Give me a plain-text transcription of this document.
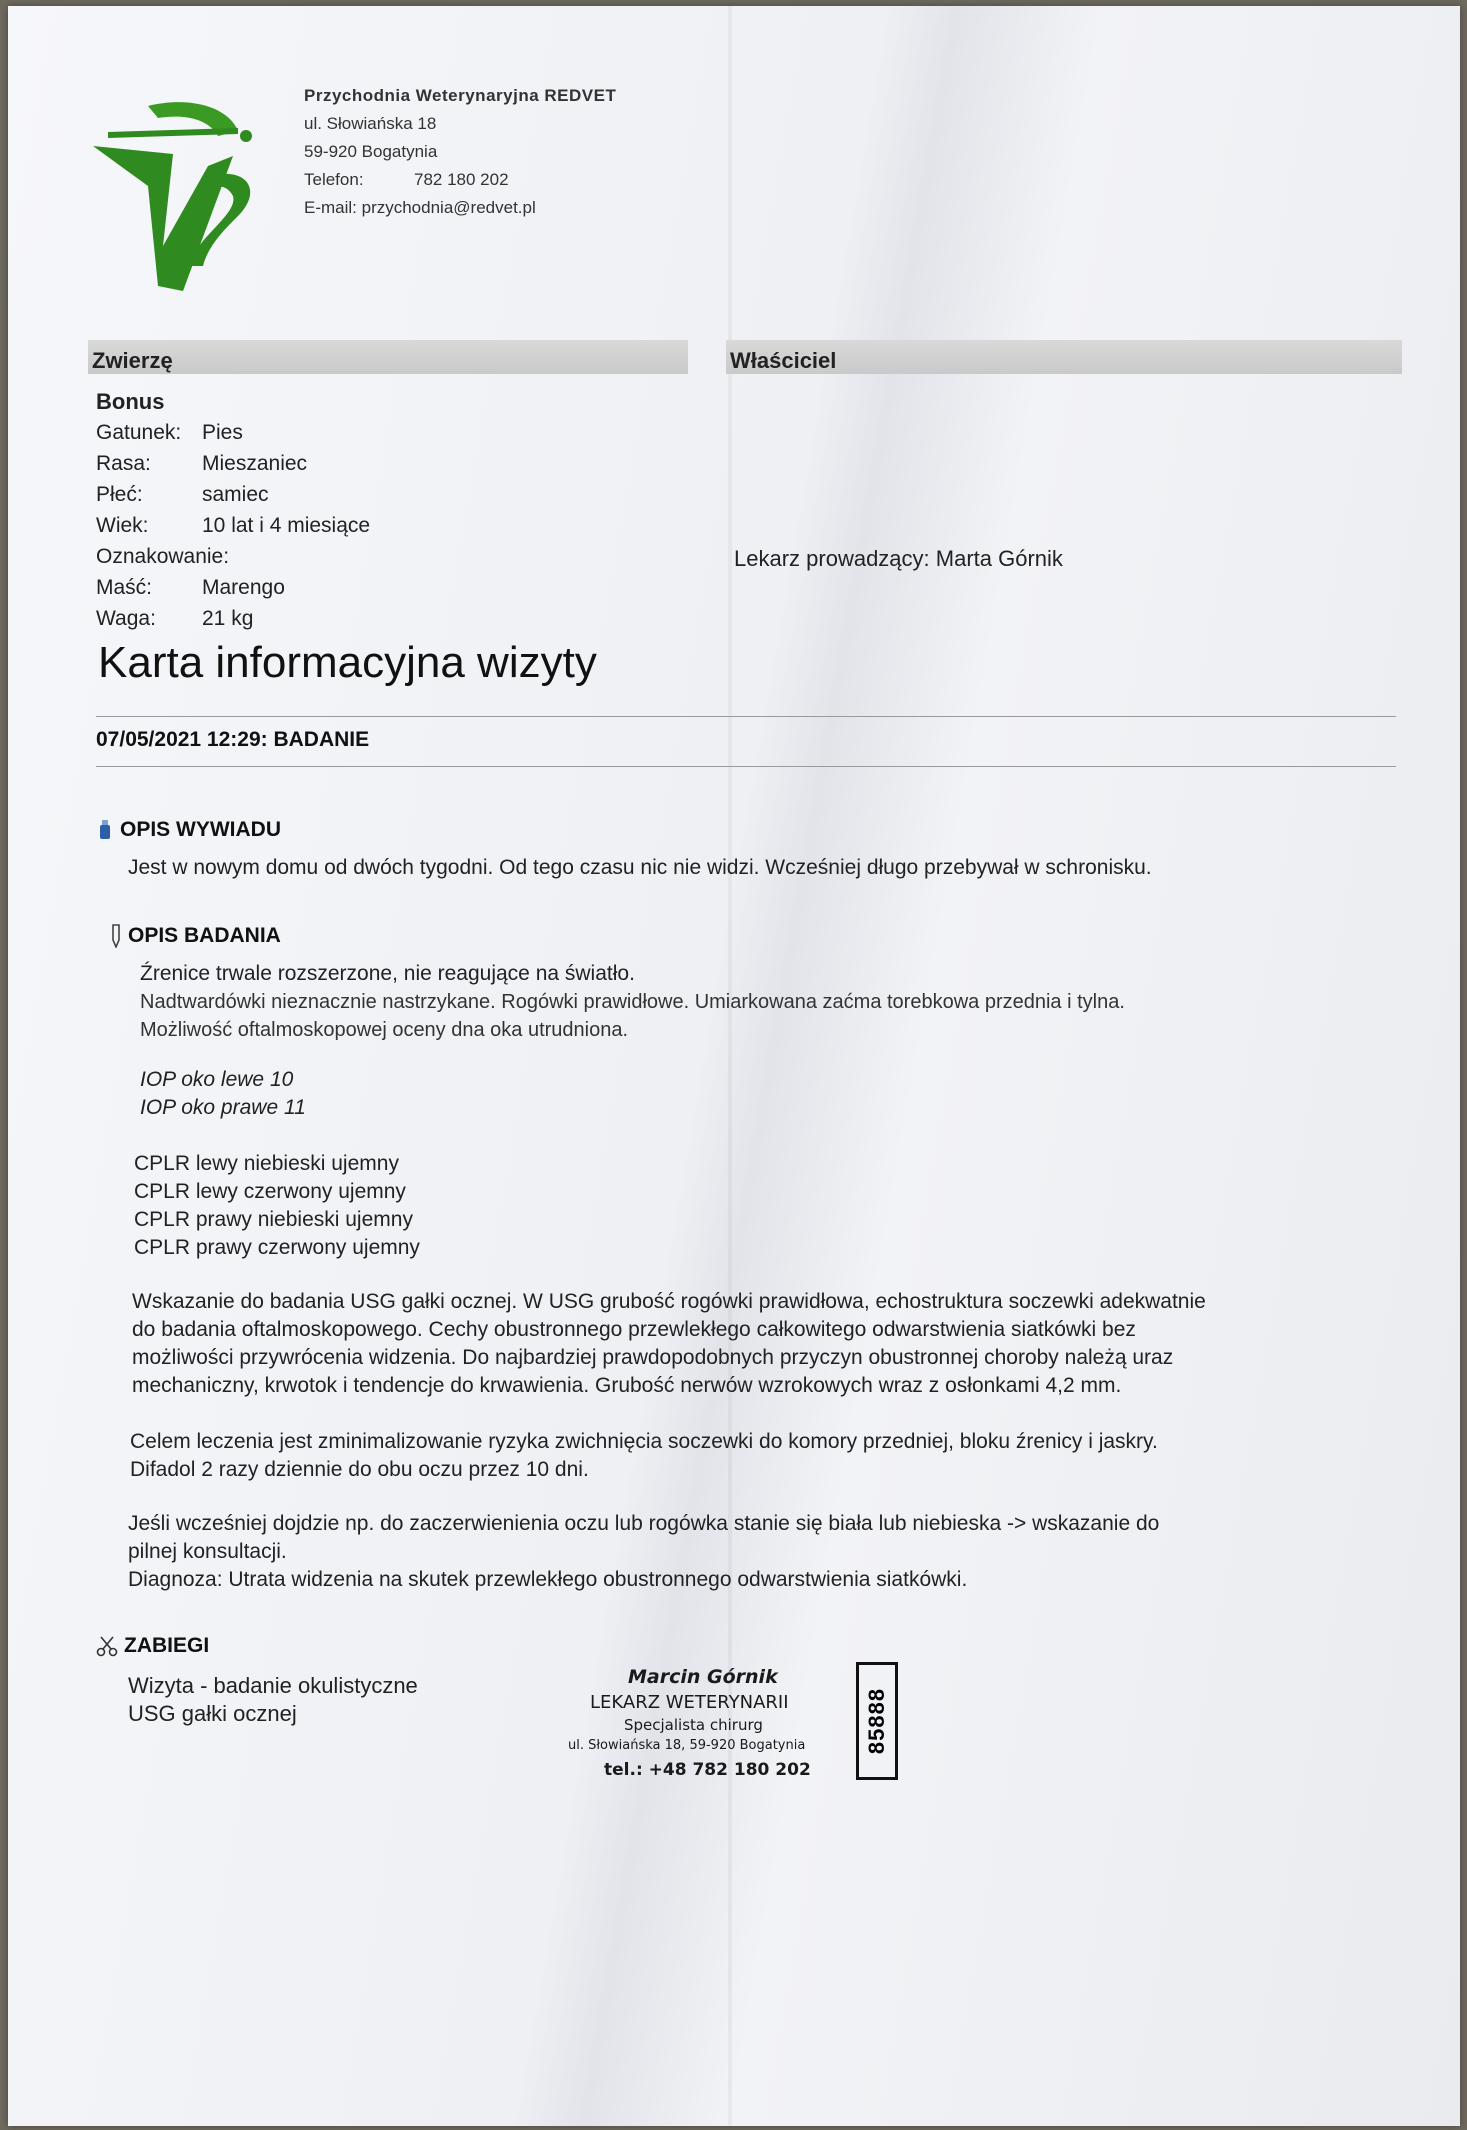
Przychodnia Weterynaryjna REDVET
ul. Słowiańska 18
59-920 Bogatynia
Telefon:	782 180 202
E-mail: przychodnia@redvet.pl
Zwierzę	Właściciel
Bonus
Gatunek: Pies
Rasa:	Mieszaniec
Płeć:	samiec
Wiek:	10 lat i 4 miesiące
Oznakowanie:
Maść:	Marengo
Waga:	21 kg
Lekarz prowadzący: Marta Górnik
Karta informacyjna wizyty
07/05/2021 12:29: BADANIE
OPIS WYWIADU
Jest w nowym domu od dwóch tygodni. Od tego czasu nic nie widzi. Wcześniej długo przebywał w schronisku.
OPIS BADANIA
Źrenice trwale rozszerzone, nie reagujące na światło.
Nadtwardówki nieznacznie nastrzykane. Rogówki prawidłowe. Umiarkowana zaćma torebkowa przednia i tylna.
Możliwość oftalmoskopowej oceny dna oka utrudniona.
IOP oko lewe 10
IOP oko prawe 11
CPLR lewy niebieski ujemny
CPLR lewy czerwony ujemny
CPLR prawy niebieski ujemny
CPLR prawy czerwony ujemny
Wskazanie do badania USG gałki ocznej. W USG grubość rogówki prawidłowa, echostruktura soczewki adekwatnie
do badania oftalmoskopowego. Cechy obustronnego przewlekłego całkowitego odwarstwienia siatkówki bez
możliwości przywrócenia widzenia. Do najbardziej prawdopodobnych przyczyn obustronnej choroby należą uraz
mechaniczny, krwotok i tendencje do krwawienia. Grubość nerwów wzrokowych wraz z osłonkami 4,2 mm.
Celem leczenia jest zminimalizowanie ryzyka zwichnięcia soczewki do komory przedniej, bloku źrenicy i jaskry.
Difadol 2 razy dziennie do obu oczu przez 10 dni.
Jeśli wcześniej dojdzie np. do zaczerwienienia oczu lub rogówka stanie się biała lub niebieska -> wskazanie do
pilnej konsultacji.
Diagnoza: Utrata widzenia na skutek przewlekłego obustronnego odwarstwienia siatkówki.
ZABIEGI
Wizyta - badanie okulistyczne
USG gałki ocznej
Marcin Górnik
LEKARZ WETERYNARII
Specjalista chirurg
ul. Słowiańska 18, 59-920 Bogatynia
tel.: +48 782 180 202
85888
